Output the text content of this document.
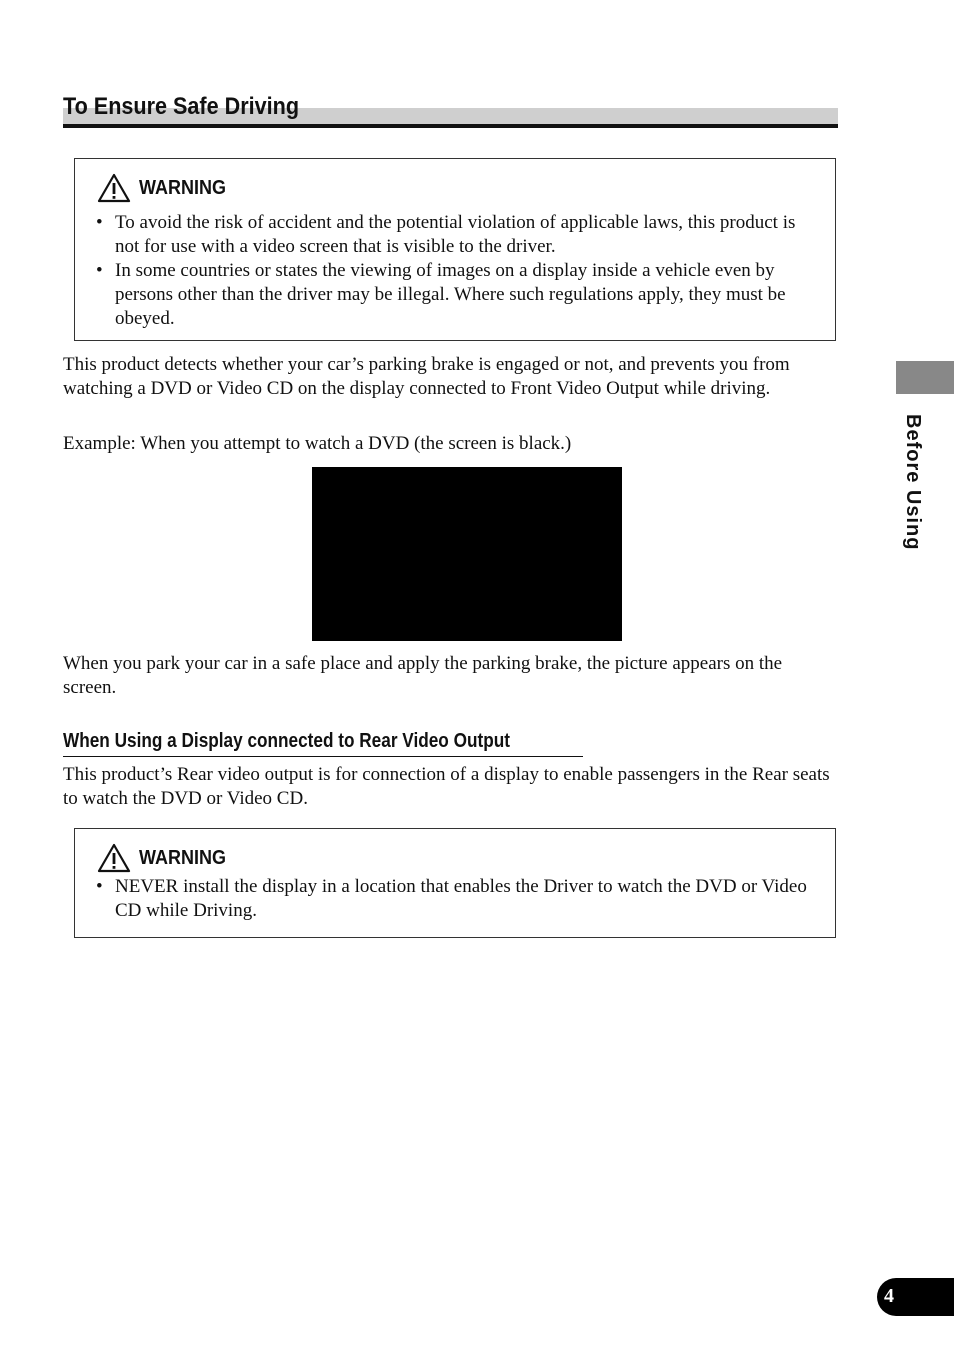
To Ensure Safe Driving
WARNING
• To avoid the risk of accident and the potential violation of applicable laws, this product is not for use with a video screen that is visible to the driver.
• In some countries or states the viewing of images on a display inside a vehicle even by persons other than the driver may be illegal. Where such regulations apply, they must be obeyed.

This product detects whether your car’s parking brake is engaged or not, and prevents you from watching a DVD or Video CD on the display connected to Front Video Output while driving.

Example: When you attempt to watch a DVD (the screen is black.)

When you park your car in a safe place and apply the parking brake, the picture appears on the screen.

When Using a Display connected to Rear Video Output

This product’s Rear video output is for connection of a display to enable passengers in the Rear seats to watch the DVD or Video CD.

WARNING
• NEVER install the display in a location that enables the Driver to watch the DVD or Video CD while Driving.
Before Using
4
